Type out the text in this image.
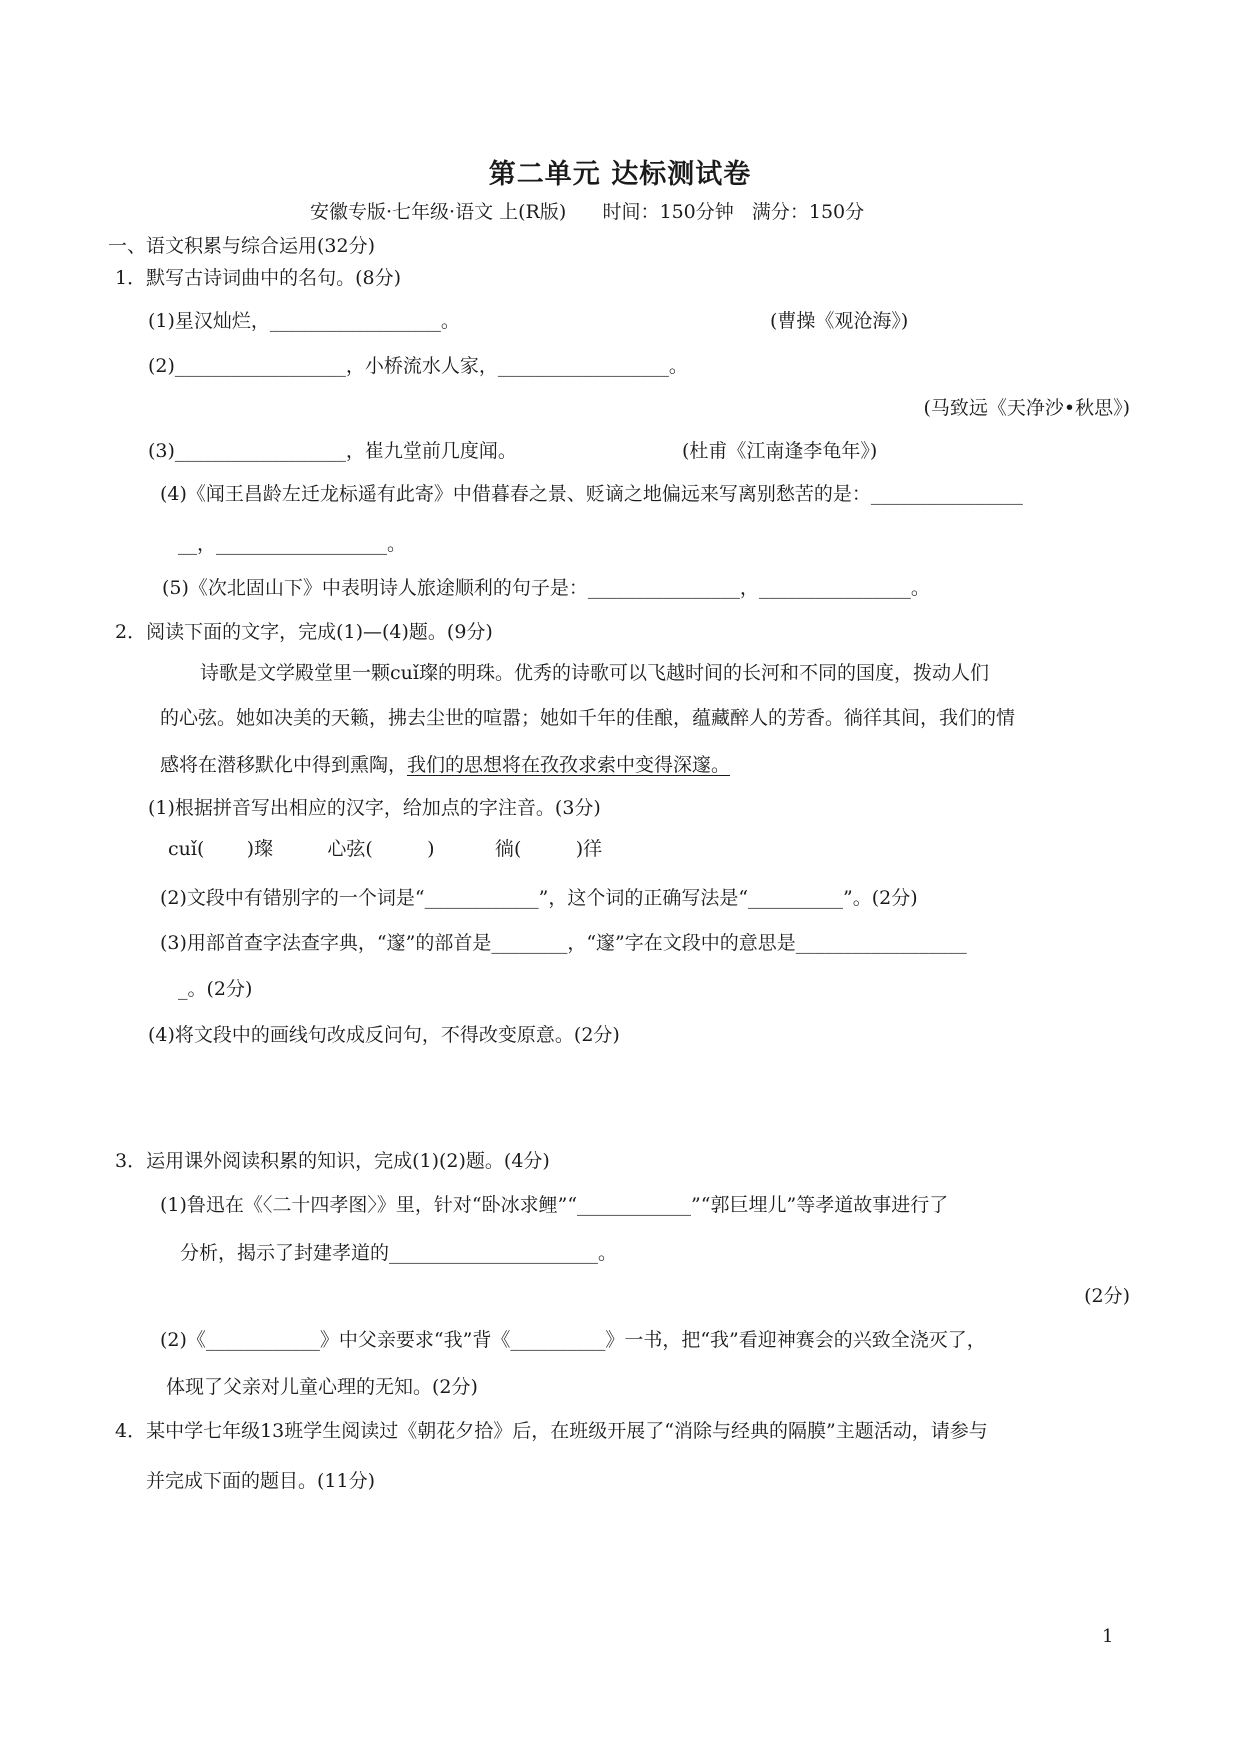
第二单元 达标测试卷
安徽专版·七年级·语文 上(R版)      时间：150分钟   满分：150分
一、语文积累与综合运用(32分)
1．默写古诗词曲中的名句。(8分)
(1)星汉灿烂，__________________。	(曹操《观沧海》)
(2)__________________，小桥流水人家，__________________。
(马致远《天净沙•秋思》)
(3)__________________，崔九堂前几度闻。	(杜甫《江南逢李龟年》)
(4)《闻王昌龄左迁龙标遥有此寄》中借暮春之景、贬谪之地偏远来写离别愁苦的是：________________
__，__________________。
(5)《次北固山下》中表明诗人旅途顺利的句子是：________________，________________。
2．阅读下面的文字，完成(1)—(4)题。(9分)
诗歌是文学殿堂里一颗cuǐ璨的明珠。优秀的诗歌可以飞越时间的长河和不同的国度，拨动人们
的心弦。她如决美的天籁，拂去尘世的喧嚣；她如千年的佳酿，蕴藏醉人的芳香。徜徉其间，我们的情
感将在潜移默化中得到熏陶，我们的思想将在孜孜求索中变得深邃。
(1)根据拼音写出相应的汉字，给加点的字注音。(3分)
cuǐ(       )璨         心弦(         )          徜(         )徉
(2)文段中有错别字的一个词是“____________”，这个词的正确写法是“__________”。(2分)
(3)用部首查字法查字典，“邃”的部首是________，“邃”字在文段中的意思是__________________
_。(2分)
(4)将文段中的画线句改成反问句，不得改变原意。(2分)
3．运用课外阅读积累的知识，完成(1)(2)题。(4分)
(1)鲁迅在《〈二十四孝图〉》里，针对“卧冰求鲤”“____________”“郭巨埋儿”等孝道故事进行了
分析，揭示了封建孝道的______________________。
(2分)
(2)《____________》中父亲要求“我”背《__________》一书，把“我”看迎神赛会的兴致全浇灭了，
体现了父亲对儿童心理的无知。(2分)
4．某中学七年级13班学生阅读过《朝花夕拾》后，在班级开展了“消除与经典的隔膜”主题活动，请参与
并完成下面的题目。(11分)
1
